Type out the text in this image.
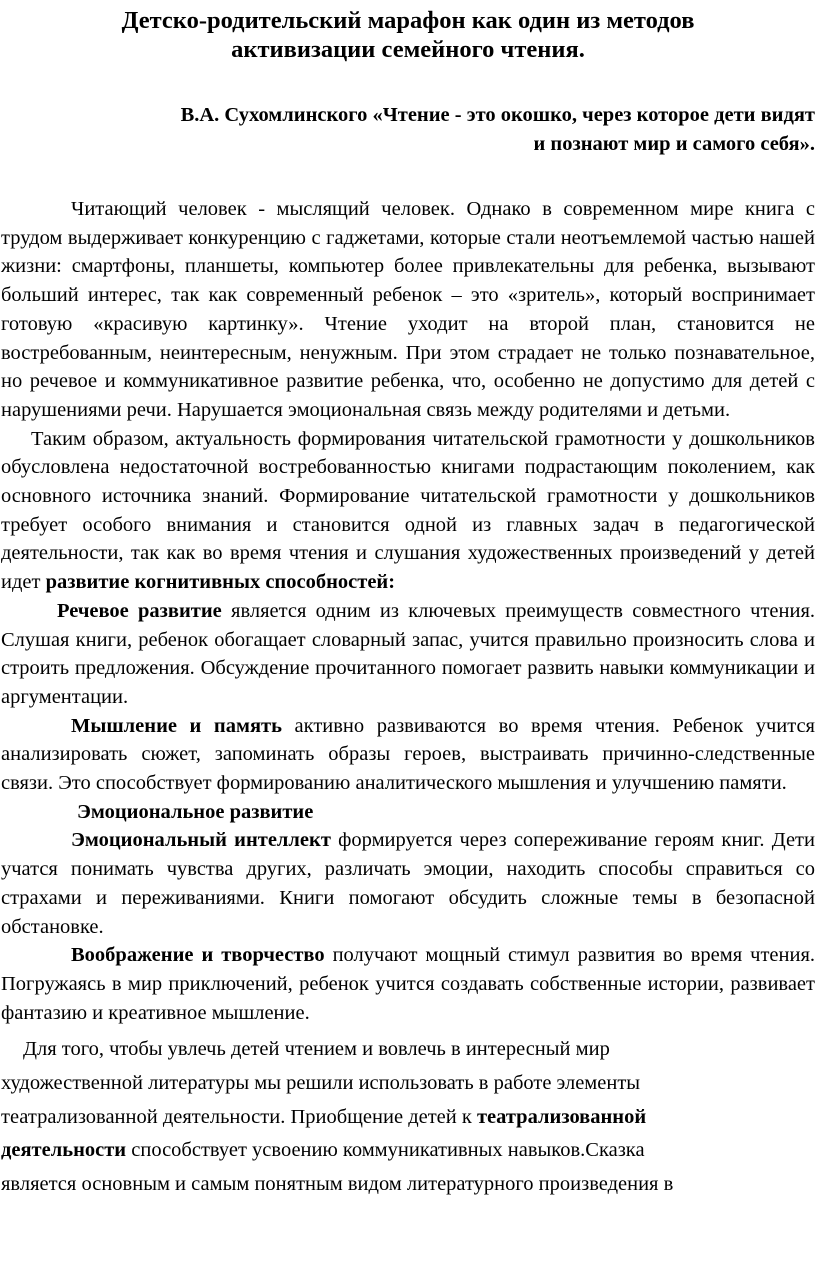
Детско-родительский марафон как один из методов
активизации семейного чтения.
В.А. Сухомлинского «Чтение - это окошко, через которое дети видят
и познают мир и самого себя».

Читающий человек - мыслящий человек. Однако в современном мире книга с трудом выдерживает конкуренцию с гаджетами, которые стали неотъемлемой частью нашей жизни: смартфоны, планшеты, компьютер более привлекательны для ребенка, вызывают больший интерес, так как современный ребенок – это «зритель», который воспринимает готовую «красивую картинку». Чтение уходит на второй план, становится не востребованным, неинтересным, ненужным. При этом страдает не только познавательное, но речевое и коммуникативное развитие ребенка, что, особенно не допустимо для детей с нарушениями речи. Нарушается эмоциональная связь между родителями и детьми.

Таким образом, актуальность формирования читательской грамотности у дошкольников обусловлена недостаточной востребованностью книгами подрастающим поколением, как основного источника знаний. Формирование читательской грамотности у дошкольников требует особого внимания и становится одной из главных задач в педагогической деятельности, так как во время чтения и слушания художественных произведений у детей идет развитие когнитивных способностей:

Речевое развитие является одним из ключевых преимуществ совместного чтения. Слушая книги, ребенок обогащает словарный запас, учится правильно произносить слова и строить предложения. Обсуждение прочитанного помогает развить навыки коммуникации и аргументации.

Мышление и память активно развиваются во время чтения. Ребенок учится анализировать сюжет, запоминать образы героев, выстраивать причинно-следственные связи. Это способствует формированию аналитического мышления и улучшению памяти.

Эмоциональное развитие

Эмоциональный интеллект формируется через сопереживание героям книг. Дети учатся понимать чувства других, различать эмоции, находить способы справиться со страхами и переживаниями. Книги помогают обсудить сложные темы в безопасной обстановке.

Воображение и творчество получают мощный стимул развития во время чтения. Погружаясь в мир приключений, ребенок учится создавать собственные истории, развивает фантазию и креативное мышление.

Для того, чтобы увлечь детей чтением и вовлечь в интересный мир
художественной литературы мы решили использовать в работе элементы
театрализованной деятельности. Приобщение детей к театрализованной
деятельности способствует усвоению коммуникативных навыков.Сказка
является основным и самым понятным видом литературного произведения в
